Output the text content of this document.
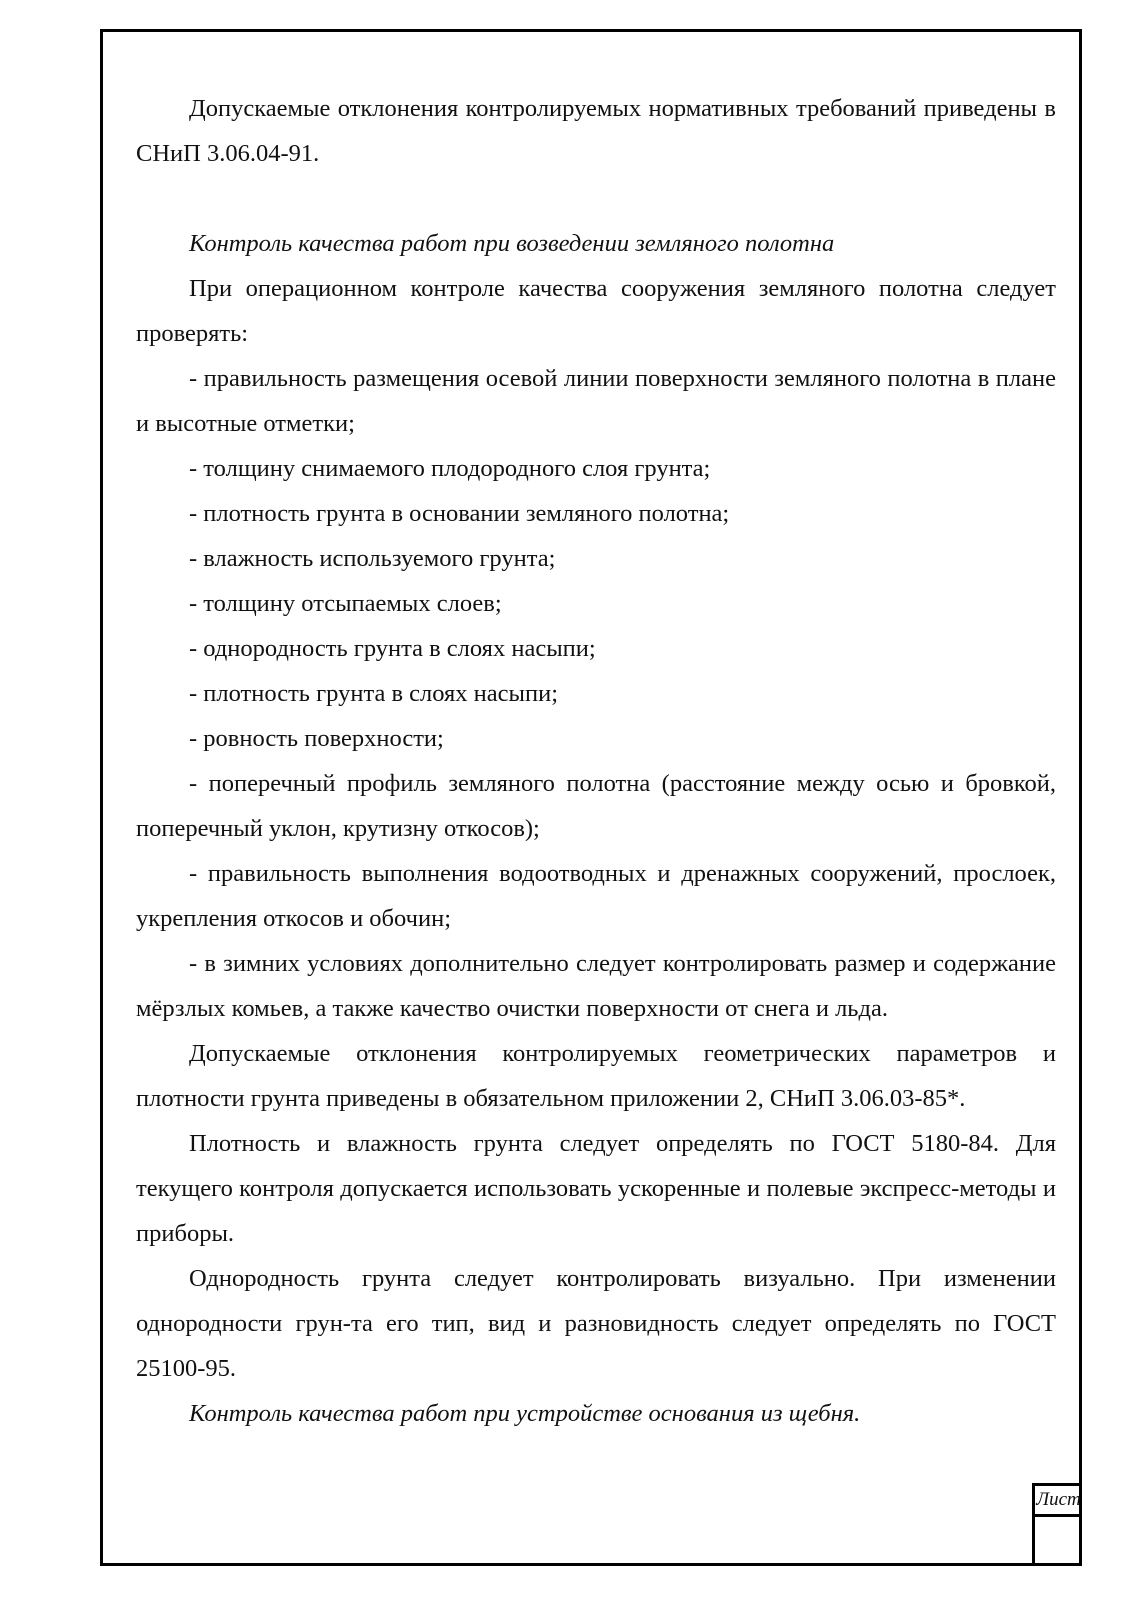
Допускаемые отклонения контролируемых нормативных требований приведены в СНиП 3.06.04-91.

Контроль качества работ при возведении земляного полотна

При операционном контроле качества сооружения земляного полотна следует проверять:

- правильность размещения осевой линии поверхности земляного полотна в плане и высотные отметки;

- толщину снимаемого плодородного слоя грунта;

- плотность грунта в основании земляного полотна;

- влажность используемого грунта;

- толщину отсыпаемых слоев;

- однородность грунта в слоях насыпи;

- плотность грунта в слоях насыпи;

- ровность поверхности;

- поперечный профиль земляного полотна (расстояние между осью и бровкой, поперечный уклон, крутизну откосов);

- правильность выполнения водоотводных и дренажных сооружений, прослоек, укрепления откосов и обочин;

- в зимних условиях дополнительно следует контролировать размер и содержание мёрзлых комьев, а также качество очистки поверхности от снега и льда.

Допускаемые отклонения контролируемых геометрических параметров и плотности грунта приведены в обязательном приложении 2, СНиП 3.06.03-85*.

Плотность и влажность грунта следует определять по ГОСТ 5180-84. Для текущего контроля допускается использовать ускоренные и полевые экспресс-методы и приборы.

Однородность грунта следует контролировать визуально. При изменении однородности грун-та его тип, вид и разновидность следует определять по ГОСТ 25100-95.

Контроль качества работ при устройстве основания из щебня.

Лист
